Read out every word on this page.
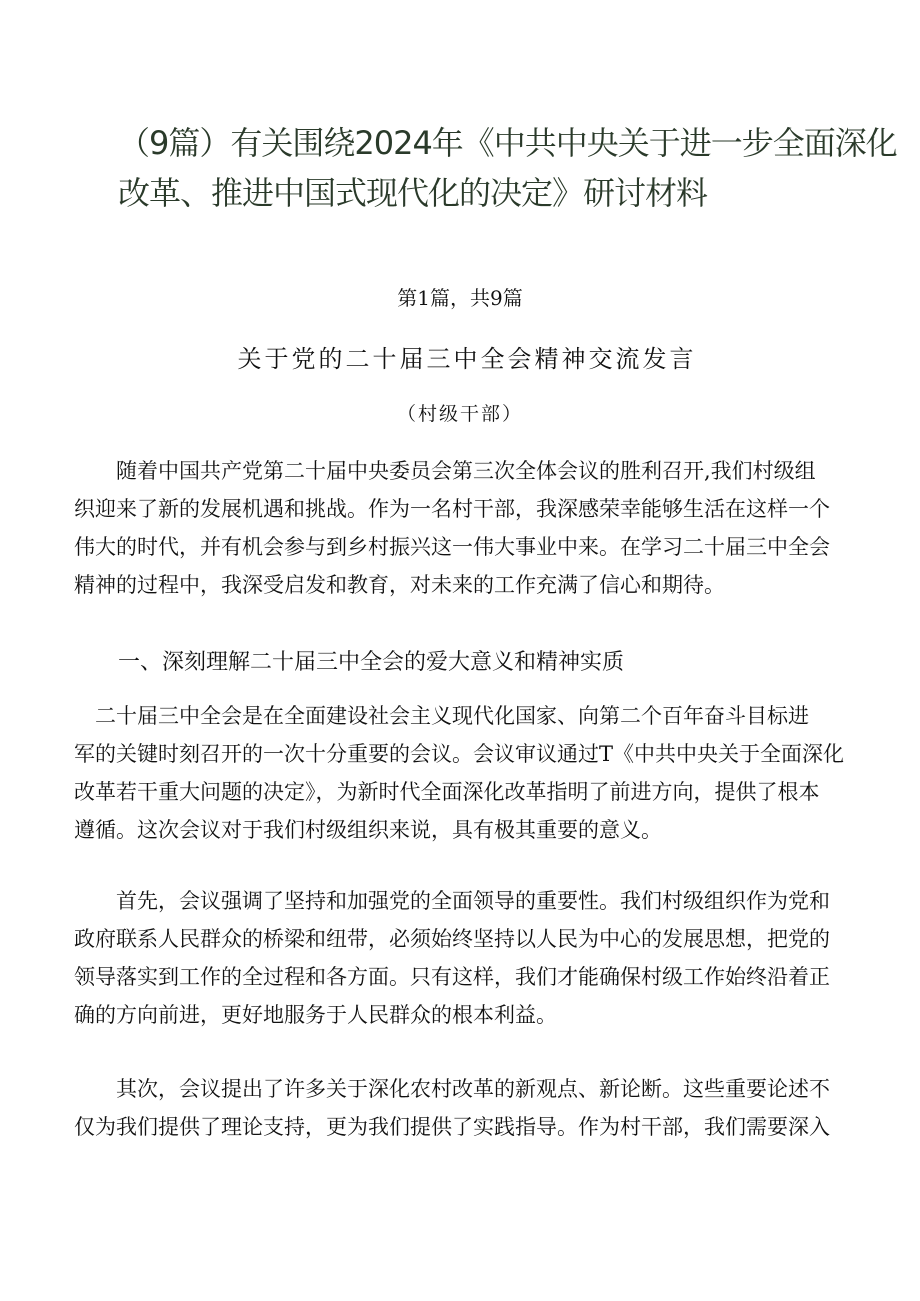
（9篇）有关围绕2024年《中共中央关于进一步全面深化
改革、推进中国式现代化的决定》研讨材料
第1篇，共9篇
关于党的二十届三中全会精神交流发言
（村级干部）

　　随着中国共产党第二十届中央委员会第三次全体会议的胜利召开,我们村级组
织迎来了新的发展机遇和挑战。作为一名村干部，我深感荣幸能够生活在这样一个
伟大的时代，并有机会参与到乡村振兴这一伟大事业中来。在学习二十届三中全会
精神的过程中，我深受启发和教育，对未来的工作充满了信心和期待。

一、深刻理解二十届三中全会的爱大意义和精神实质

　二十届三中全会是在全面建设社会主义现代化国家、向第二个百年奋斗目标进
军的关键时刻召开的一次十分重要的会议。会议审议通过T《中共中央关于全面深化
改革若干重大问题的决定》，为新时代全面深化改革指明了前进方向，提供了根本
遵循。这次会议对于我们村级组织来说，具有极其重要的意义。

　　首先，会议强调了坚持和加强党的全面领导的重要性。我们村级组织作为党和
政府联系人民群众的桥梁和纽带，必须始终坚持以人民为中心的发展思想，把党的
领导落实到工作的全过程和各方面。只有这样，我们才能确保村级工作始终沿着正
确的方向前进，更好地服务于人民群众的根本利益。

　　其次，会议提出了许多关于深化农村改革的新观点、新论断。这些重要论述不
仅为我们提供了理论支持，更为我们提供了实践指导。作为村干部，我们需要深入
